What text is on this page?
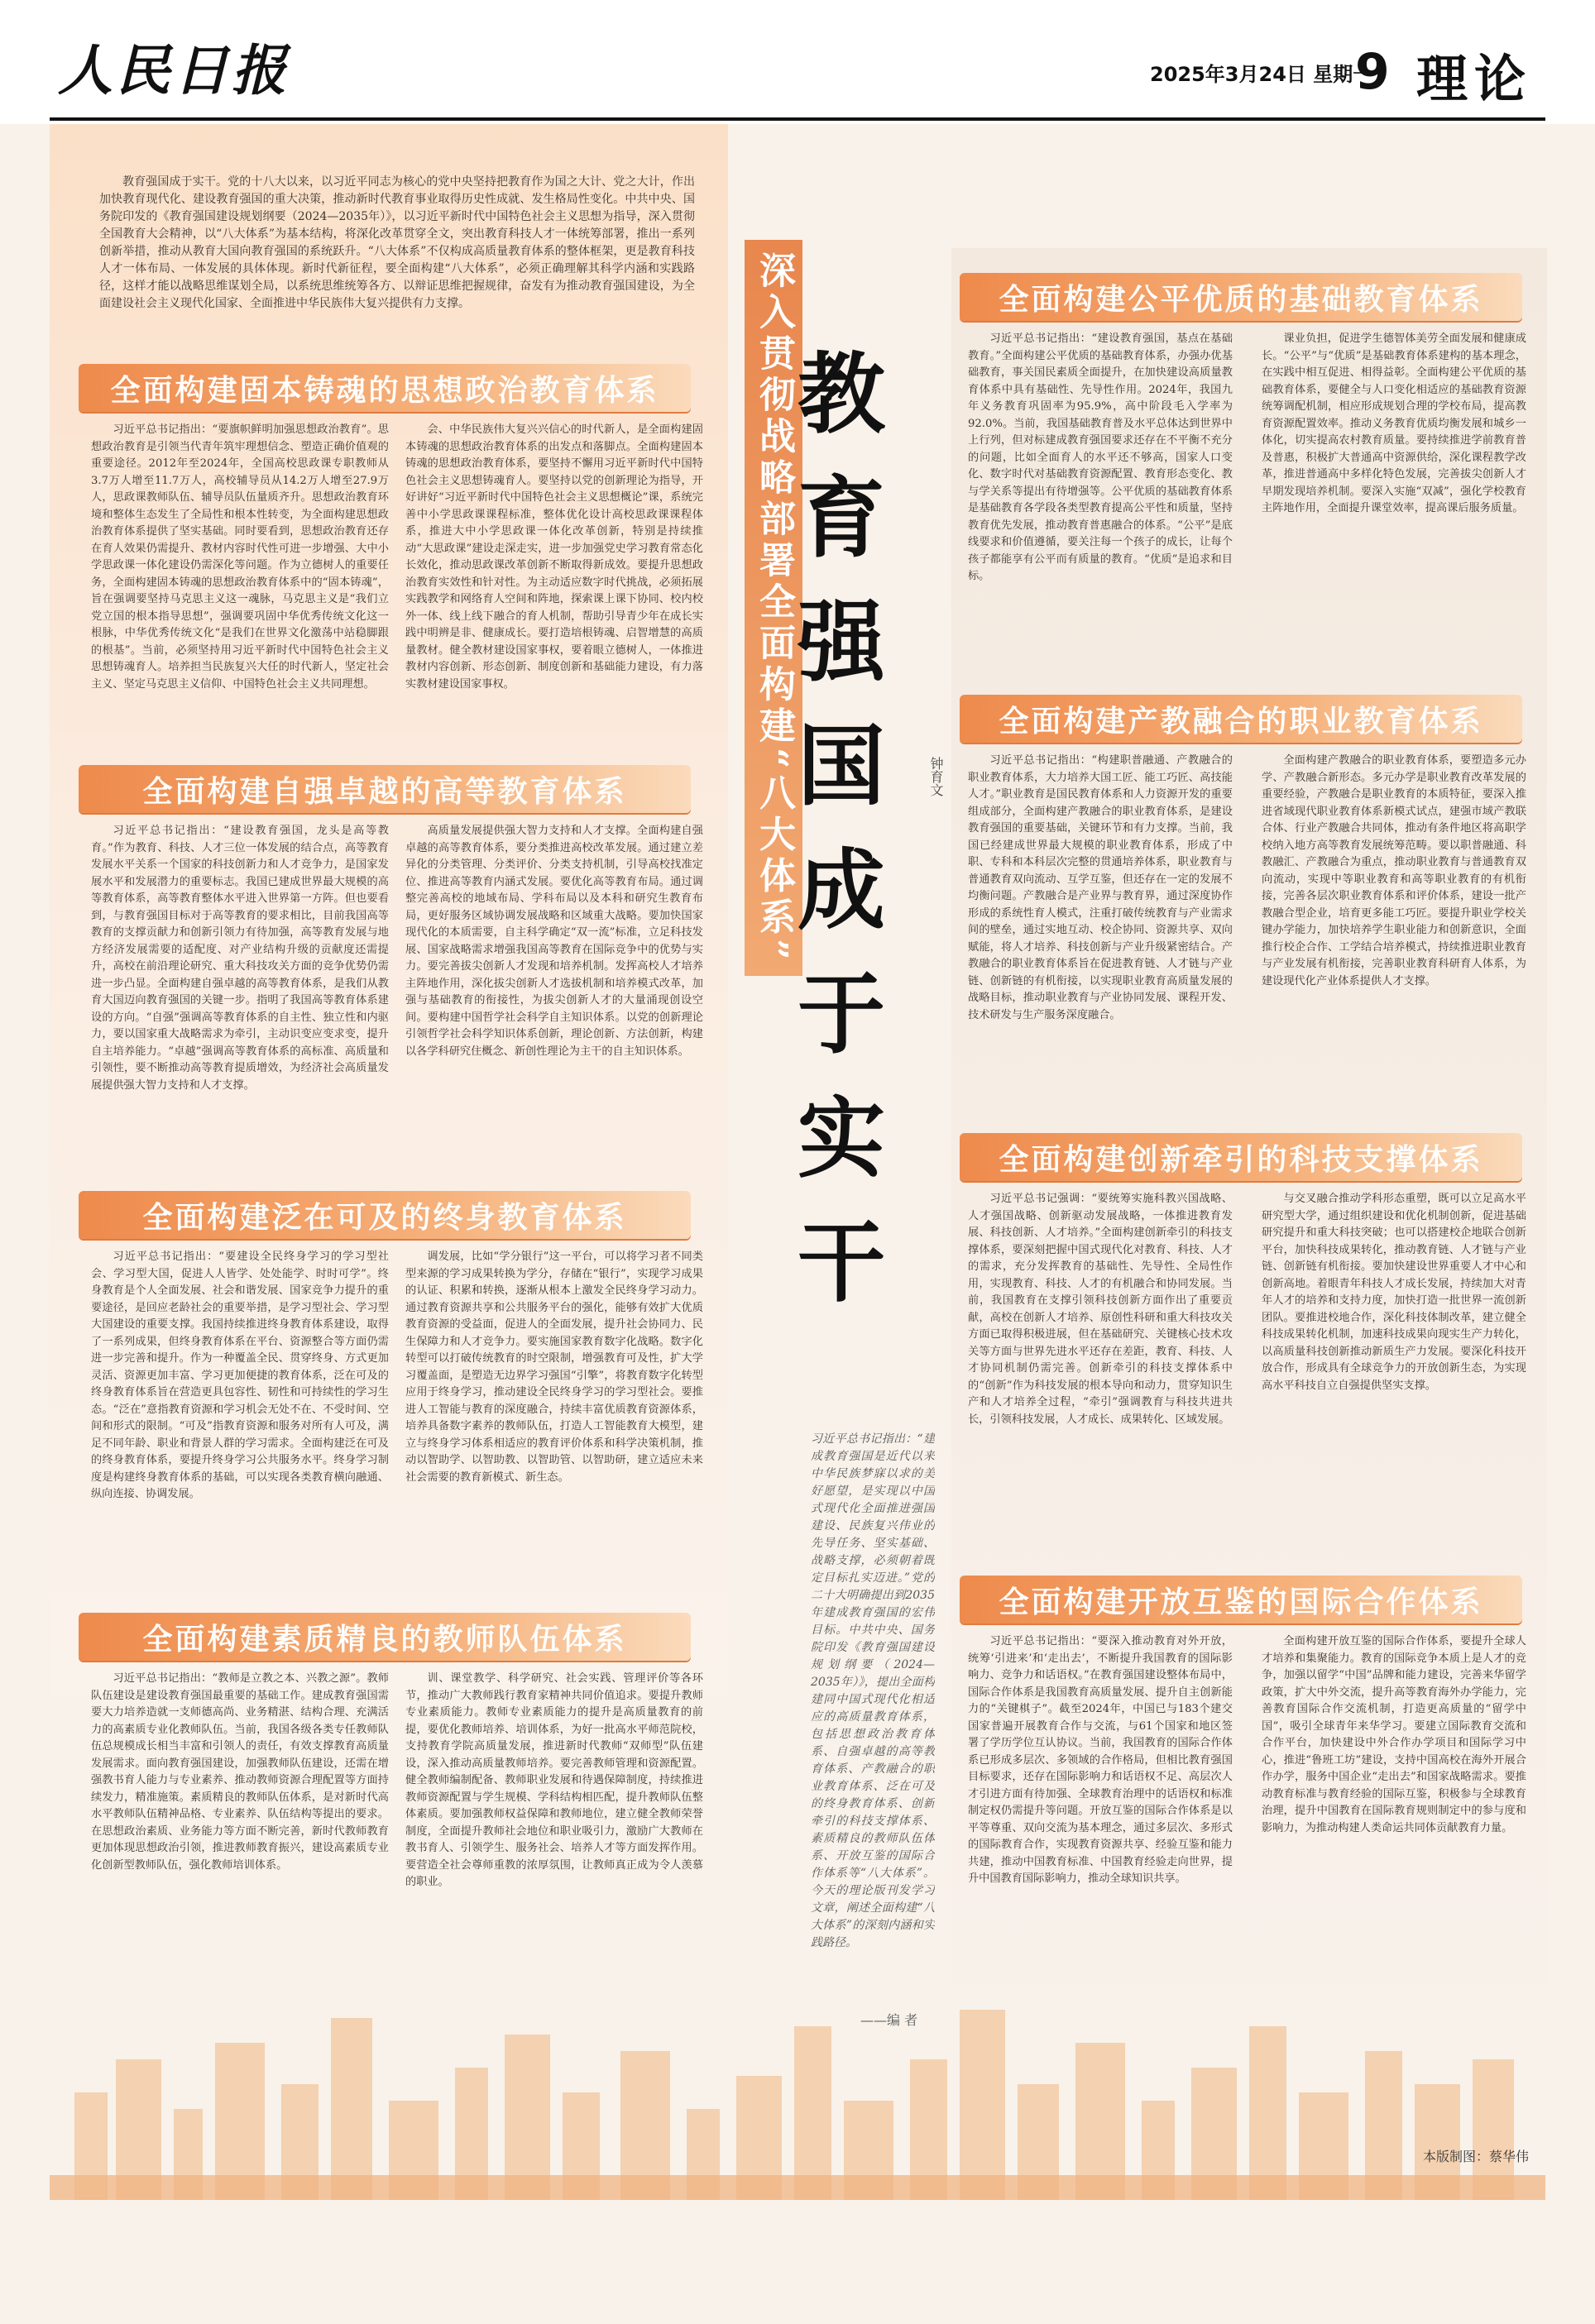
人民日报	2025年3月24日 星期一
9 理论
教育强国成于实干。党的十八大以来，以习近平同志为核心的党中央坚持把教育作为国之大计、党之大计，作出加快教育现代化、建设教育强国的重大决策，推动新时代教育事业取得历史性成就、发生格局性变化。中共中央、国务院印发的《教育强国建设规划纲要（2024—2035年）》，以习近平新时代中国特色社会主义思想为指导，深入贯彻全国教育大会精神，以“八大体系”为基本结构，将深化改革贯穿全文，突出教育科技人才一体统筹部署，推出一系列创新举措，推动从教育大国向教育强国的系统跃升。“八大体系”不仅构成高质量教育体系的整体框架，更是教育科技人才一体布局、一体发展的具体体现。新时代新征程，要全面构建“八大体系”，必须正确理解其科学内涵和实践路径，这样才能以战略思维谋划全局，以系统思维统筹各方、以辩证思维把握规律，奋发有为推动教育强国建设，为全面建设社会主义现代化国家、全面推进中华民族伟大复兴提供有力支撑。
全面构建固本铸魂的思想政治教育体系
习近平总书记指出：“要旗帜鲜明加强思想政治教育”。思想政治教育是引领当代青年筑牢理想信念、塑造正确价值观的重要途径。2012年至2024年，全国高校思政课专职教师从3.7万人增至11.7万人，高校辅导员从14.2万人增至27.9万人，思政课教师队伍、辅导员队伍量质齐升。思想政治教育环境和整体生态发生了全局性和根本性转变，为全面构建思想政治教育体系提供了坚实基础。同时要看到，思想政治教育还存在育人效果仍需提升、教材内容时代性可进一步增强、大中小学思政课一体化建设仍需深化等问题。作为立德树人的重要任务，全面构建固本铸魂的思想政治教育体系中的“固本铸魂”，旨在强调要坚持马克思主义这一魂脉，马克思主义是“我们立党立国的根本指导思想”，强调要巩固中华优秀传统文化这一根脉，中华优秀传统文化“是我们在世界文化激荡中站稳脚跟的根基”。当前，必须坚持用习近平新时代中国特色社会主义思想铸魂育人。培养担当民族复兴大任的时代新人，坚定社会主义、坚定马克思主义信仰、中国特色社会主义共同理想。
会、中华民族伟大复兴兴信心的时代新人，是全面构建固本铸魂的思想政治教育体系的出发点和落脚点。全面构建固本铸魂的思想政治教育体系，要坚持不懈用习近平新时代中国特色社会主义思想铸魂育人。要坚持以党的创新理论为指导，开好讲好“习近平新时代中国特色社会主义思想概论”课，系统完善中小学思政课课程标准，整体优化设计高校思政课课程体系，推进大中小学思政课一体化改革创新，特别是持续推动“大思政课”建设走深走实，进一步加强党史学习教育常态化长效化，推动思政课改革创新不断取得新成效。要提升思想政治教育实效性和针对性。为主动适应数字时代挑战，必须拓展实践教学和网络育人空间和阵地，探索课上课下协同、校内校外一体、线上线下融合的育人机制，帮助引导青少年在成长实践中明辨是非、健康成长。要打造培根铸魂、启智增慧的高质量教材。健全教材建设国家事权，要着眼立德树人，一体推进教材内容创新、形态创新、制度创新和基础能力建设，有力落实教材建设国家事权。
全面构建自强卓越的高等教育体系
习近平总书记指出：“建设教育强国，龙头是高等教育。”作为教育、科技、人才三位一体发展的结合点，高等教育发展水平关系一个国家的科技创新力和人才竞争力，是国家发展水平和发展潜力的重要标志。我国已建成世界最大规模的高等教育体系，高等教育整体水平进入世界第一方阵。但也要看到，与教育强国目标对于高等教育的要求相比，目前我国高等教育的支撑贡献力和创新引领力有待加强，高等教育发展与地方经济发展需要的适配度、对产业结构升级的贡献度还需提升，高校在前沿理论研究、重大科技攻关方面的竞争优势仍需进一步凸显。全面构建自强卓越的高等教育体系，是我们从教育大国迈向教育强国的关键一步。指明了我国高等教育体系建设的方向。“自强”强调高等教育体系的自主性、独立性和内驱力，要以国家重大战略需求为牵引，主动识变应变求变，提升自主培养能力。“卓越”强调高等教育体系的高标准、高质量和引领性，要不断推动高等教育提质增效，为经济社会高质量发展提供强大智力支持和人才支撑。
高质量发展提供强大智力支持和人才支撑。全面构建自强卓越的高等教育体系，要分类推进高校改革发展。通过建立差异化的分类管理、分类评价、分类支持机制，引导高校找准定位、推进高等教育内涵式发展。要优化高等教育布局。通过调整完善高校的地域布局、学科布局以及本科和研究生教育布局，更好服务区域协调发展战略和区域重大战略。要加快国家现代化的本质需要，自主科学确定“双一流”标准，立足科技发展、国家战略需求增强我国高等教育在国际竞争中的优势与实力。要完善拔尖创新人才发现和培养机制。发挥高校人才培养主阵地作用，深化拔尖创新人才选拔机制和培养模式改革，加强与基础教育的衔接性，为拔尖创新人才的大量涌现创设空间。要构建中国哲学社会科学自主知识体系。以党的创新理论引领哲学社会科学知识体系创新，理论创新、方法创新，构建以各学科研究住概念、新创性理论为主干的自主知识体系。
全面构建泛在可及的终身教育体系
习近平总书记指出：“要建设全民终身学习的学习型社会、学习型大国，促进人人皆学、处处能学、时时可学”。终身教育是个人全面发展、社会和谐发展、国家竞争力提升的重要途径，是回应老龄社会的重要举措，是学习型社会、学习型大国建设的重要支撑。我国持续推进终身教育体系建设，取得了一系列成果，但终身教育体系在平台、资源整合等方面仍需进一步完善和提升。作为一种覆盖全民、贯穿终身、方式更加灵活、资源更加丰富、学习更加便捷的教育体系，泛在可及的终身教育体系旨在营造更具包容性、韧性和可持续性的学习生态。“泛在”意指教育资源和学习机会无处不在、不受时间、空间和形式的限制。“可及”指教育资源和服务对所有人可及，满足不同年龄、职业和背景人群的学习需求。全面构建泛在可及的终身教育体系，要提升终身学习公共服务水平。终身学习制度是构建终身教育体系的基础，可以实现各类教育横向融通、纵向连接、协调发展。
调发展，比如“学分银行”这一平台，可以将学习者不同类型来源的学习成果转换为学分，存储在“银行”，实现学习成果的认证、积累和转换，逐渐从根本上激发全民终身学习动力。通过教育资源共享和公共服务平台的强化，能够有效扩大优质教育资源的受益面，促进人的全面发展，提升社会协同力、民生保障力和人才竞争力。要实施国家教育数字化战略。数字化转型可以打破传统教育的时空限制，增强教育可及性，扩大学习覆盖面，是塑造无边界学习强国“引擎”，将教育数字化转型应用于终身学习，推动建设全民终身学习的学习型社会。要推进人工智能与教育的深度融合，持续丰富优质教育资源体系，培养具备数字素养的教师队伍，打造人工智能教育大模型，建立与终身学习体系相适应的教育评价体系和科学决策机制，推动以智助学、以智助教、以智助管、以智助研，建立适应未来社会需要的教育新模式、新生态。
全面构建素质精良的教师队伍体系
习近平总书记指出：“教师是立教之本、兴教之源”。教师队伍建设是建设教育强国最重要的基础工作。建成教育强国需要大力培养造就一支师德高尚、业务精湛、结构合理、充满活力的高素质专业化教师队伍。当前，我国各级各类专任教师队伍总规模成长相当丰富和引领人的责任，有效支撑教育高质量发展需求。面向教育强国建设，加强教师队伍建设，还需在增强教书育人能力与专业素养、推动教师资源合理配置等方面持续发力，精准施策。素质精良的教师队伍体系，是对新时代高水平教师队伍精神品格、专业素养、队伍结构等提出的要求。在思想政治素质、业务能力等方面不断完善，新时代教师教育更加体现思想政治引领，推进教师教育振兴，建设高素质专业化创新型教师队伍，强化教师培训体系。
训、课堂教学、科学研究、社会实践、管理评价等各环节，推动广大教师践行教育家精神共同价值追求。要提升教师专业素质能力。教师专业素质能力的提升是高质量教育的前提，要优化教师培养、培训体系，为好一批高水平师范院校，支持教育学院高质量发展，推进新时代教师“双师型”队伍建设，深入推动高质量教师培养。要完善教师管理和资源配置。健全教师编制配备、教师职业发展和待遇保障制度，持续推进教师资源配置与学生规模、学科结构相匹配，提升教师队伍整体素质。要加强教师权益保障和教师地位，建立健全教师荣誉制度，全面提升教师社会地位和职业吸引力，激励广大教师在教书育人、引领学生、服务社会、培养人才等方面发挥作用。要营造全社会尊师重教的浓厚氛围，让教师真正成为令人羡慕的职业。
深入贯彻战略部署
全面构建“八大体系”
教育强国成于实干	钟育文
习近平总书记指出：“建成教育强国是近代以来中华民族梦寐以求的美好愿望，是实现以中国式现代化全面推进强国建设、民族复兴伟业的先导任务、坚实基础、战略支撑，必须朝着既定目标扎实迈进。”党的二十大明确提出到2035年建成教育强国的宏伟目标。中共中央、国务院印发《教育强国建设规划纲要（2024—2035年）》，提出全面构建同中国式现代化相适应的高质量教育体系，包括思想政治教育体系、自强卓越的高等教育体系、产教融合的职业教育体系、泛在可及的终身教育体系、创新牵引的科技支撑体系、素质精良的教师队伍体系、开放互鉴的国际合作体系等“八大体系”。今天的理论版刊发学习文章，阐述全面构建“八大体系”的深刻内涵和实践路径。
——编 者
全面构建公平优质的基础教育体系
习近平总书记指出：“建设教育强国，基点在基础教育。”全面构建公平优质的基础教育体系，办强办优基础教育，事关国民素质全面提升，在加快建设高质量教育体系中具有基础性、先导性作用。2024年，我国九年义务教育巩固率为95.9%，高中阶段毛入学率为92.0%。当前，我国基础教育普及水平总体达到世界中上行列，但对标建成教育强国要求还存在不平衡不充分的问题，比如全面育人的水平还不够高，国家人口变化、数字时代对基础教育资源配置、教育形态变化、教与学关系等提出有待增强等。公平优质的基础教育体系是基础教育各学段各类型教育提高公平性和质量，坚持教育优先发展，推动教育普惠融合的体系。“公平”是底线要求和价值遵循，要关注每一个孩子的成长，让每个孩子都能享有公平而有质量的教育。“优质”是追求和目标。
课业负担，促进学生德智体美劳全面发展和健康成长。“公平”与“优质”是基础教育体系建构的基本理念，在实践中相互促进、相得益彰。全面构建公平优质的基础教育体系，要健全与人口变化相适应的基础教育资源统筹调配机制，相应形成规划合理的学校布局，提高教育资源配置效率。推动义务教育优质均衡发展和城乡一体化，切实提高农村教育质量。要持续推进学前教育普及普惠，积极扩大普通高中资源供给，深化课程教学改革，推进普通高中多样化特色发展，完善拔尖创新人才早期发现培养机制。要深入实施“双减”，强化学校教育主阵地作用，全面提升课堂效率，提高课后服务质量。
全面构建产教融合的职业教育体系
习近平总书记指出：“构建职普融通、产教融合的职业教育体系，大力培养大国工匠、能工巧匠、高技能人才。”职业教育是国民教育体系和人力资源开发的重要组成部分，全面构建产教融合的职业教育体系，是建设教育强国的重要基础，关键环节和有力支撑。当前，我国已经建成世界最大规模的职业教育体系，形成了中职、专科和本科层次完整的贯通培养体系，职业教育与普通教育双向流动、互学互鉴，但还存在一定的发展不均衡问题。产教融合是产业界与教育界，通过深度协作形成的系统性育人模式，注重打破传统教育与产业需求间的壁垒，通过实地互动、校企协同、资源共享、双向赋能，将人才培养、科技创新与产业升级紧密结合。产教融合的职业教育体系旨在促进教育链、人才链与产业链、创新链的有机衔接，以实现职业教育高质量发展的战略目标，推动职业教育与产业协同发展、课程开发、技术研发与生产服务深度融合。
全面构建产教融合的职业教育体系，要塑造多元办学、产教融合新形态。多元办学是职业教育改革发展的重要经验，产教融合是职业教育的本质特征，要深入推进省域现代职业教育体系新模式试点，建强市域产教联合体、行业产教融合共同体，推动有条件地区将高职学校纳入地方高等教育发展统筹范畴。要以职普融通、科教融汇、产教融合为重点，推动职业教育与普通教育双向流动，实现中等职业教育和高等职业教育的有机衔接，完善各层次职业教育体系和评价体系，建设一批产教融合型企业，培育更多能工巧匠。要提升职业学校关键办学能力，加快培养学生职业能力和创新意识，全面推行校企合作、工学结合培养模式，持续推进职业教育与产业发展有机衔接，完善职业教育科研育人体系，为建设现代化产业体系提供人才支撑。
全面构建创新牵引的科技支撑体系
习近平总书记强调：“要统筹实施科教兴国战略、人才强国战略、创新驱动发展战略，一体推进教育发展、科技创新、人才培养。”全面构建创新牵引的科技支撑体系，要深刻把握中国式现代化对教育、科技、人才的需求，充分发挥教育的基础性、先导性、全局性作用，实现教育、科技、人才的有机融合和协同发展。当前，我国教育在支撑引领科技创新方面作出了重要贡献，高校在创新人才培养、原创性科研和重大科技攻关方面已取得积极进展，但在基础研究、关键核心技术攻关等方面与世界先进水平还存在差距，教育、科技、人才协同机制仍需完善。创新牵引的科技支撑体系中的“创新”作为科技发展的根本导向和动力，贯穿知识生产和人才培养全过程，“牵引”强调教育与科技共进共长，引领科技发展，人才成长、成果转化、区域发展。
与交叉融合推动学科形态重塑，既可以立足高水平研究型大学，通过组织建设和优化机制创新，促进基础研究提升和重大科技突破；也可以搭建校企地联合创新平台，加快科技成果转化，推动教育链、人才链与产业链、创新链有机衔接。要加快建设世界重要人才中心和创新高地。着眼青年科技人才成长发展，持续加大对青年人才的培养和支持力度，加快打造一批世界一流创新团队。要推进校地合作，深化科技体制改革，建立健全科技成果转化机制，加速科技成果向现实生产力转化，以高质量科技创新推动新质生产力发展。要深化科技开放合作，形成具有全球竞争力的开放创新生态，为实现高水平科技自立自强提供坚实支撑。
全面构建开放互鉴的国际合作体系
习近平总书记指出：“要深入推动教育对外开放，统筹‘引进来’和‘走出去’，不断提升我国教育的国际影响力、竞争力和话语权。”在教育强国建设整体布局中，国际合作体系是我国教育高质量发展、提升自主创新能力的“关键棋子”。截至2024年，中国已与183个建交国家普遍开展教育合作与交流，与61个国家和地区签署了学历学位互认协议。当前，我国教育的国际合作体系已形成多层次、多领域的合作格局，但相比教育强国目标要求，还存在国际影响力和话语权不足、高层次人才引进方面有待加强、全球教育治理中的话语权和标准制定权仍需提升等问题。开放互鉴的国际合作体系是以平等尊重、双向交流为基本理念，通过多层次、多形式的国际教育合作，实现教育资源共享、经验互鉴和能力共建，推动中国教育标准、中国教育经验走向世界，提升中国教育国际影响力，推动全球知识共享。
全面构建开放互鉴的国际合作体系，要提升全球人才培养和集聚能力。教育的国际竞争本质上是人才的竞争，加强以留学“中国”品牌和能力建设，完善来华留学政策，扩大中外交流，提升高等教育海外办学能力，完善教育国际合作交流机制，打造更高质量的“留学中国”，吸引全球青年来华学习。要建立国际教育交流和合作平台，加快建设中外合作办学项目和国际学习中心，推进“鲁班工坊”建设，支持中国高校在海外开展合作办学，服务中国企业“走出去”和国家战略需求。要推动教育标准与教育经验的国际互鉴，积极参与全球教育治理，提升中国教育在国际教育规则制定中的参与度和影响力，为推动构建人类命运共同体贡献教育力量。
本版制图：蔡华伟
